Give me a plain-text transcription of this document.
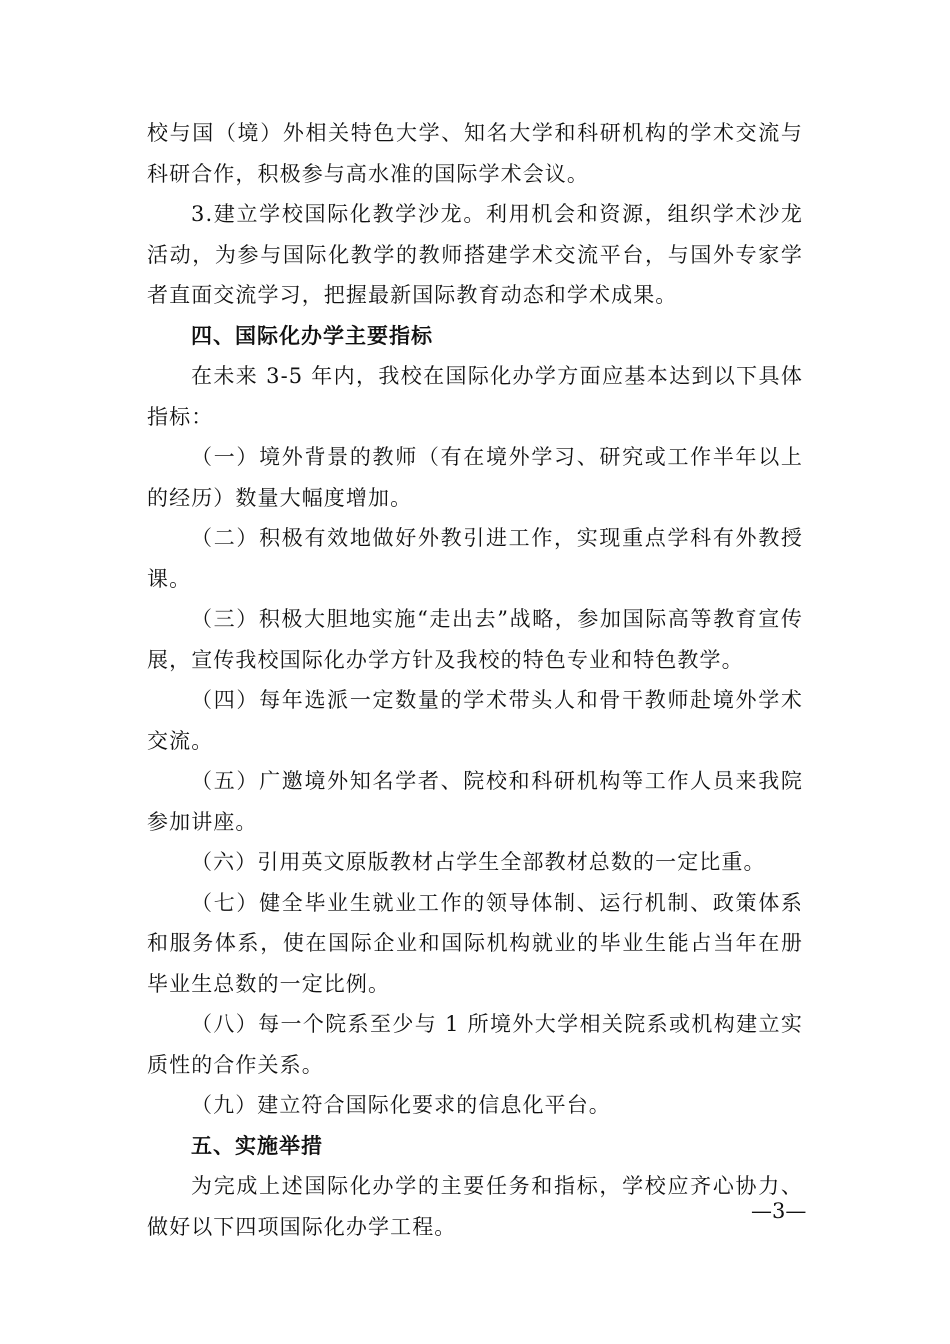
校与国（境）外相关特色大学、知名大学和科研机构的学术交流与科研合作，积极参与高水准的国际学术会议。

3.建立学校国际化教学沙龙。利用机会和资源，组织学术沙龙活动，为参与国际化教学的教师搭建学术交流平台，与国外专家学者直面交流学习，把握最新国际教育动态和学术成果。

四、国际化办学主要指标

在未来 3-5 年内，我校在国际化办学方面应基本达到以下具体指标：

（一）境外背景的教师（有在境外学习、研究或工作半年以上的经历）数量大幅度增加。

（二）积极有效地做好外教引进工作，实现重点学科有外教授课。

（三）积极大胆地实施“走出去”战略，参加国际高等教育宣传展，宣传我校国际化办学方针及我校的特色专业和特色教学。

（四）每年选派一定数量的学术带头人和骨干教师赴境外学术交流。

（五）广邀境外知名学者、院校和科研机构等工作人员来我院参加讲座。

（六）引用英文原版教材占学生全部教材总数的一定比重。

（七）健全毕业生就业工作的领导体制、运行机制、政策体系和服务体系，使在国际企业和国际机构就业的毕业生能占当年在册毕业生总数的一定比例。

（八）每一个院系至少与 1 所境外大学相关院系或机构建立实质性的合作关系。

（九）建立符合国际化要求的信息化平台。

五、实施举措

为完成上述国际化办学的主要任务和指标，学校应齐心协力、做好以下四项国际化办学工程。

—3—
